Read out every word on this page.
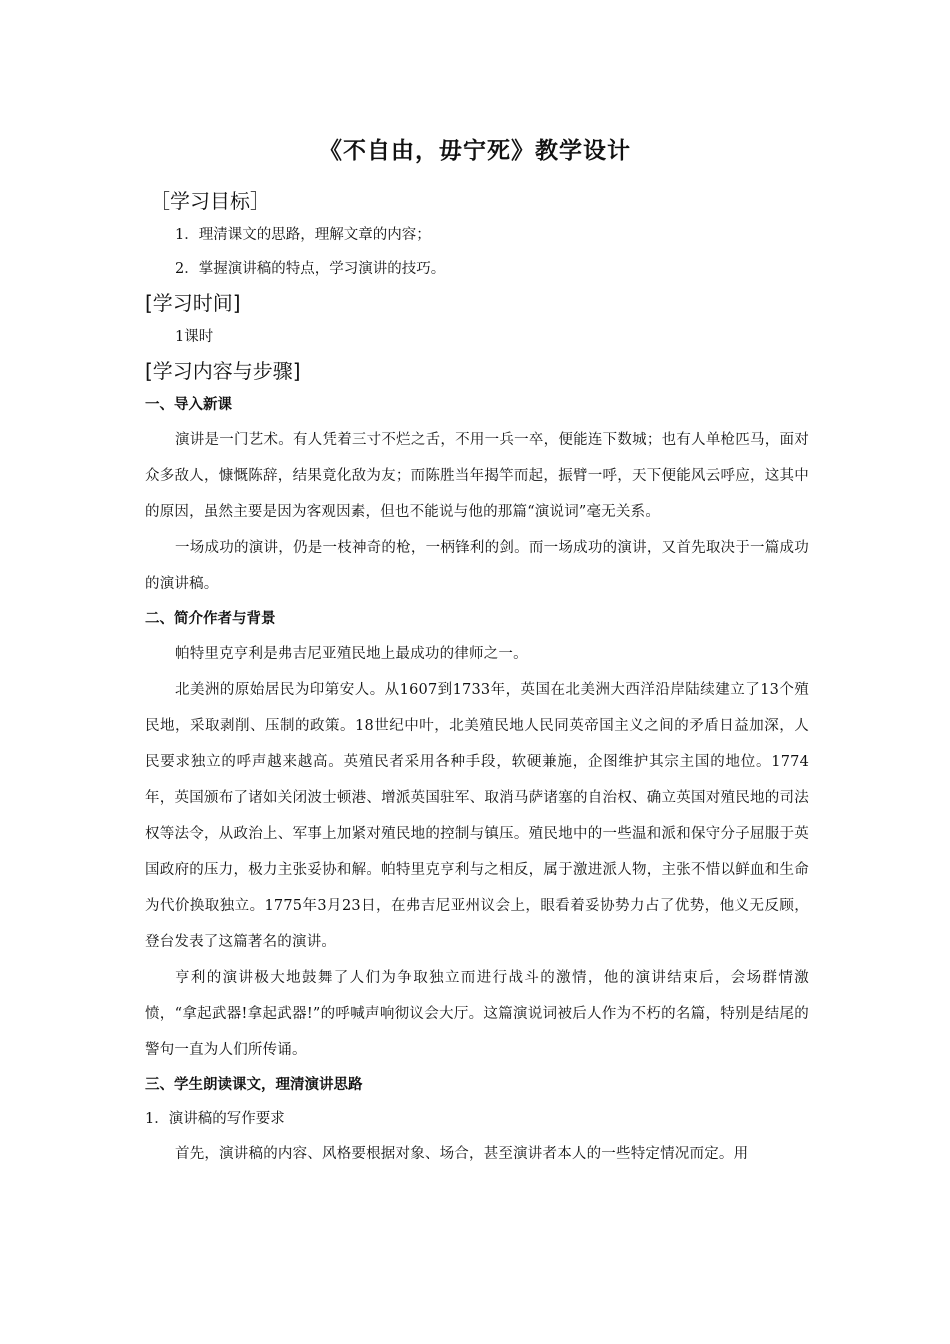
《不自由，毋宁死》教学设计

［学习目标］

1．理清课文的思路，理解文章的内容；

2．掌握演讲稿的特点，学习演讲的技巧。

[学习时间]

1课时

[学习内容与步骤]

一、导入新课

演讲是一门艺术。有人凭着三寸不烂之舌，不用一兵一卒，便能连下数城；也有人单枪匹马，面对众多敌人，慷慨陈辞，结果竟化敌为友；而陈胜当年揭竿而起，振臂一呼，天下便能风云呼应，这其中的原因，虽然主要是因为客观因素，但也不能说与他的那篇“演说词”毫无关系。

一场成功的演讲，仍是一枝神奇的枪，一柄锋利的剑。而一场成功的演讲，又首先取决于一篇成功的演讲稿。

二、简介作者与背景

帕特里克亨利是弗吉尼亚殖民地上最成功的律师之一。

北美洲的原始居民为印第安人。从1607到1733年，英国在北美洲大西洋沿岸陆续建立了13个殖民地，采取剥削、压制的政策。18世纪中叶，北美殖民地人民同英帝国主义之间的矛盾日益加深，人民要求独立的呼声越来越高。英殖民者采用各种手段，软硬兼施，企图维护其宗主国的地位。1774年，英国颁布了诸如关闭波士顿港、增派英国驻军、取消马萨诸塞的自治权、确立英国对殖民地的司法权等法令，从政治上、军事上加紧对殖民地的控制与镇压。殖民地中的一些温和派和保守分子屈服于英国政府的压力，极力主张妥协和解。帕特里克亨利与之相反，属于激进派人物，主张不惜以鲜血和生命为代价换取独立。1775年3月23日，在弗吉尼亚州议会上，眼看着妥协势力占了优势，他义无反顾，登台发表了这篇著名的演讲。

亨利的演讲极大地鼓舞了人们为争取独立而进行战斗的激情，他的演讲结束后，会场群情激愤，“拿起武器!拿起武器!”的呼喊声响彻议会大厅。这篇演说词被后人作为不朽的名篇，特别是结尾的警句一直为人们所传诵。

三、学生朗读课文，理清演讲思路

1．演讲稿的写作要求

首先，演讲稿的内容、风格要根据对象、场合，甚至演讲者本人的一些特定情况而定。用
